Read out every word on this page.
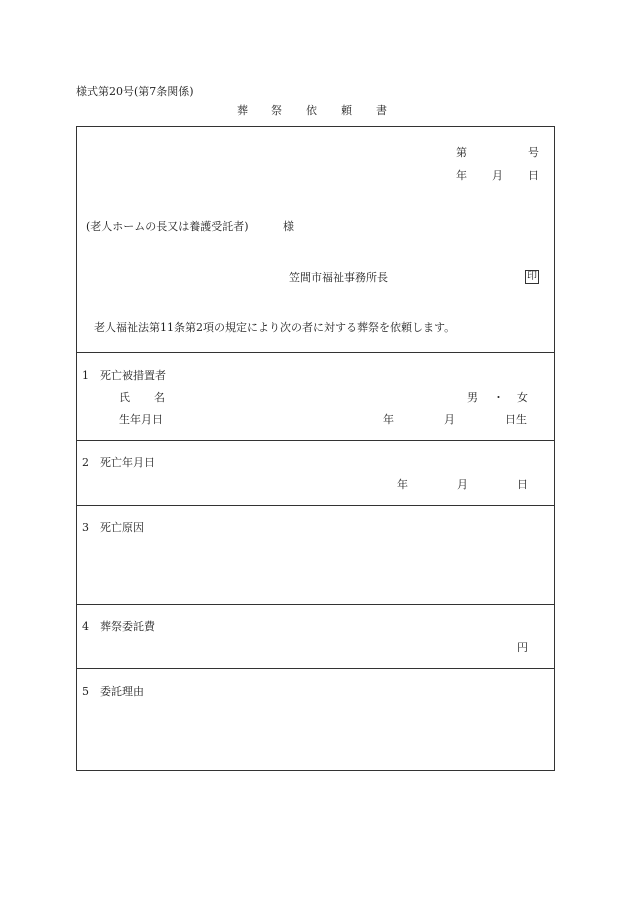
様式第20号(第7条関係)
葬 祭 依 頼 書
第	号
年 月 日
(老人ホームの長又は養護受託者)	様
笠間市福祉事務所長	印
老人福祉法第11条第2項の規定により次の者に対する葬祭を依頼します。
1 死亡被措置者
氏 名	男 ・ 女
生年月日	年	月	日生
2 死亡年月日
年	月	日
3 死亡原因
4 葬祭委託費
円
5 委託理由
